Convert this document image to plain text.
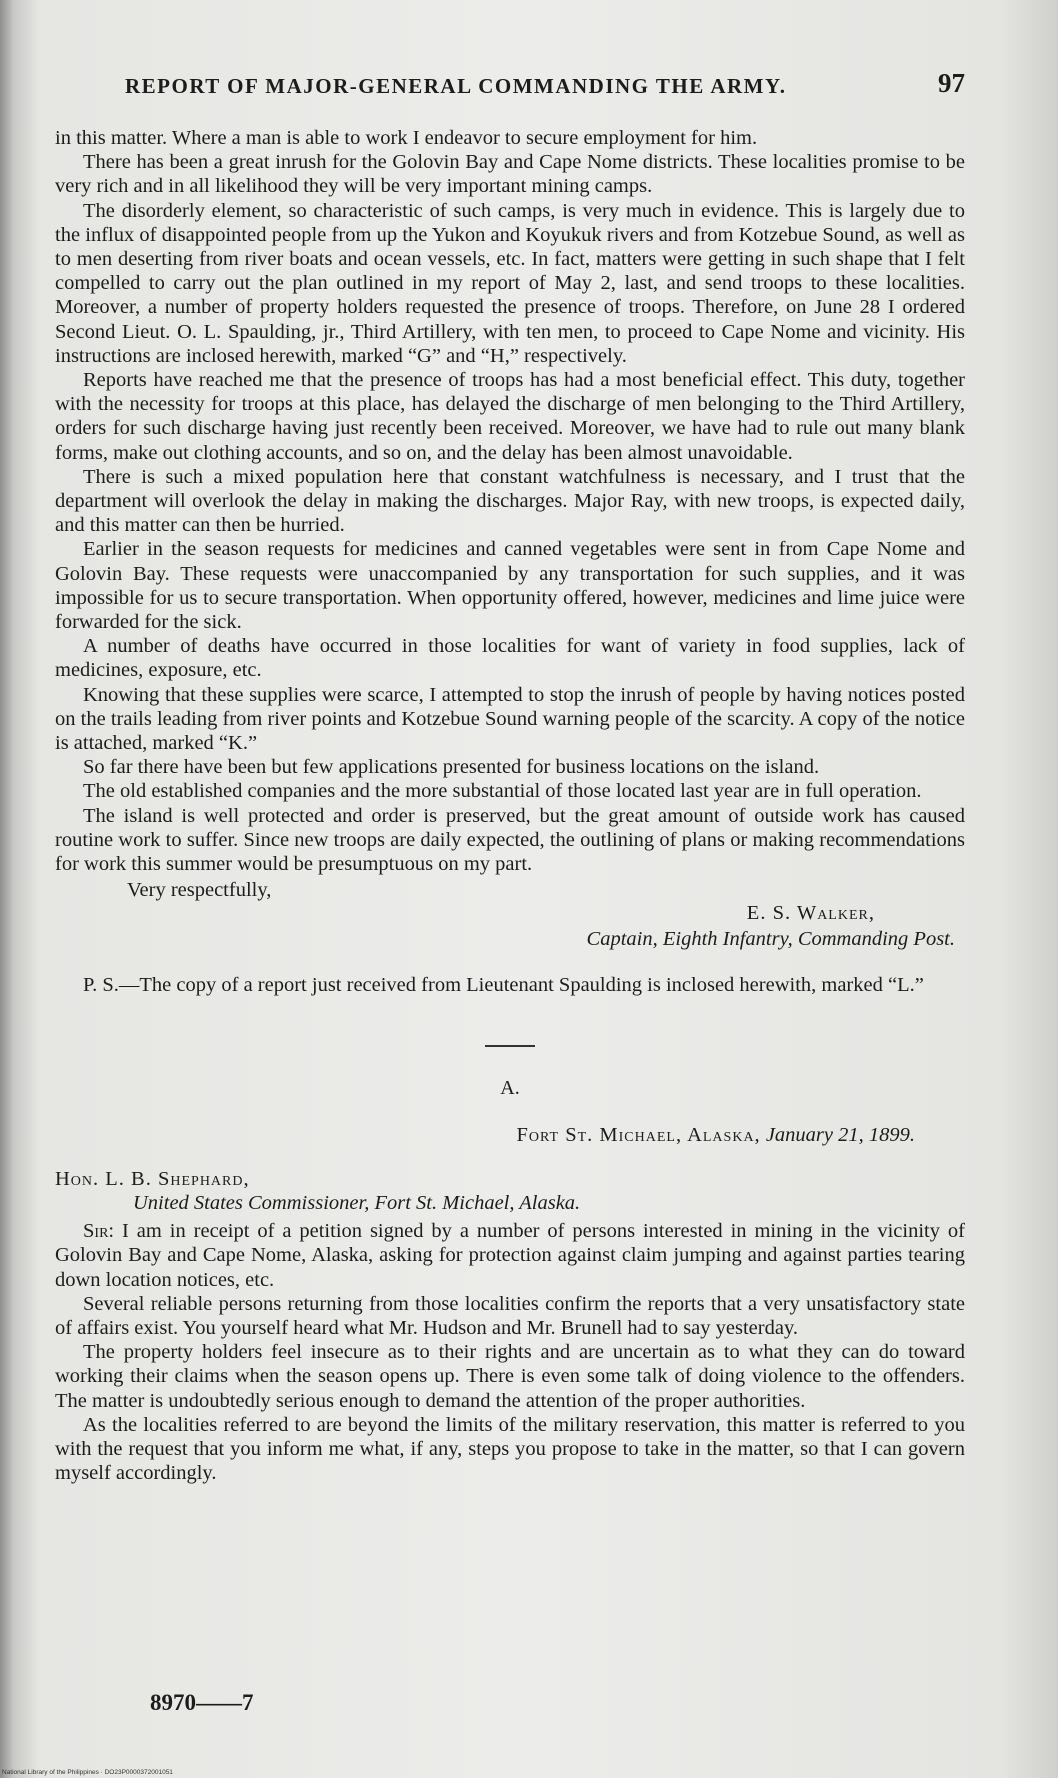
REPORT OF MAJOR-GENERAL COMMANDING THE ARMY.	97

in this matter. Where a man is able to work I endeavor to secure employment for him.

There has been a great inrush for the Golovin Bay and Cape Nome districts. These localities promise to be very rich and in all likelihood they will be very important mining camps.

The disorderly element, so characteristic of such camps, is very much in evidence. This is largely due to the influx of disappointed people from up the Yukon and Koyukuk rivers and from Kotzebue Sound, as well as to men deserting from river boats and ocean vessels, etc. In fact, matters were getting in such shape that I felt compelled to carry out the plan outlined in my report of May 2, last, and send troops to these localities. Moreover, a number of property holders requested the presence of troops. Therefore, on June 28 I ordered Second Lieut. O. L. Spaulding, jr., Third Artillery, with ten men, to proceed to Cape Nome and vicinity. His instructions are inclosed herewith, marked “G” and “H,” respectively.

Reports have reached me that the presence of troops has had a most beneficial effect. This duty, together with the necessity for troops at this place, has delayed the discharge of men belonging to the Third Artillery, orders for such discharge having just recently been received. Moreover, we have had to rule out many blank forms, make out clothing accounts, and so on, and the delay has been almost unavoidable.

There is such a mixed population here that constant watchfulness is necessary, and I trust that the department will overlook the delay in making the discharges. Major Ray, with new troops, is expected daily, and this matter can then be hurried.

Earlier in the season requests for medicines and canned vegetables were sent in from Cape Nome and Golovin Bay. These requests were unaccompanied by any transportation for such supplies, and it was impossible for us to secure transportation. When opportunity offered, however, medicines and lime juice were forwarded for the sick.

A number of deaths have occurred in those localities for want of variety in food supplies, lack of medicines, exposure, etc.

Knowing that these supplies were scarce, I attempted to stop the inrush of people by having notices posted on the trails leading from river points and Kotzebue Sound warning people of the scarcity. A copy of the notice is attached, marked “K.”

So far there have been but few applications presented for business locations on the island.

The old established companies and the more substantial of those located last year are in full operation.

The island is well protected and order is preserved, but the great amount of outside work has caused routine work to suffer. Since new troops are daily expected, the outlining of plans or making recommendations for work this summer would be presumptuous on my part.

Very respectfully,
E. S. Walker,
Captain, Eighth Infantry, Commanding Post.
P. S.—The copy of a report just received from Lieutenant Spaulding is inclosed herewith, marked “L.”
A.
Fort St. Michael, Alaska, January 21, 1899.
Hon. L. B. Shephard,
United States Commissioner, Fort St. Michael, Alaska.

Sir: I am in receipt of a petition signed by a number of persons interested in mining in the vicinity of Golovin Bay and Cape Nome, Alaska, asking for protection against claim jumping and against parties tearing down location notices, etc.

Several reliable persons returning from those localities confirm the reports that a very unsatisfactory state of affairs exist. You yourself heard what Mr. Hudson and Mr. Brunell had to say yesterday.

The property holders feel insecure as to their rights and are uncertain as to what they can do toward working their claims when the season opens up. There is even some talk of doing violence to the offenders. The matter is undoubtedly serious enough to demand the attention of the proper authorities.

As the localities referred to are beyond the limits of the military reservation, this matter is referred to you with the request that you inform me what, if any, steps you propose to take in the matter, so that I can govern myself accordingly.

8970——7
National Library of the Philippines · DO23P0000372001051
